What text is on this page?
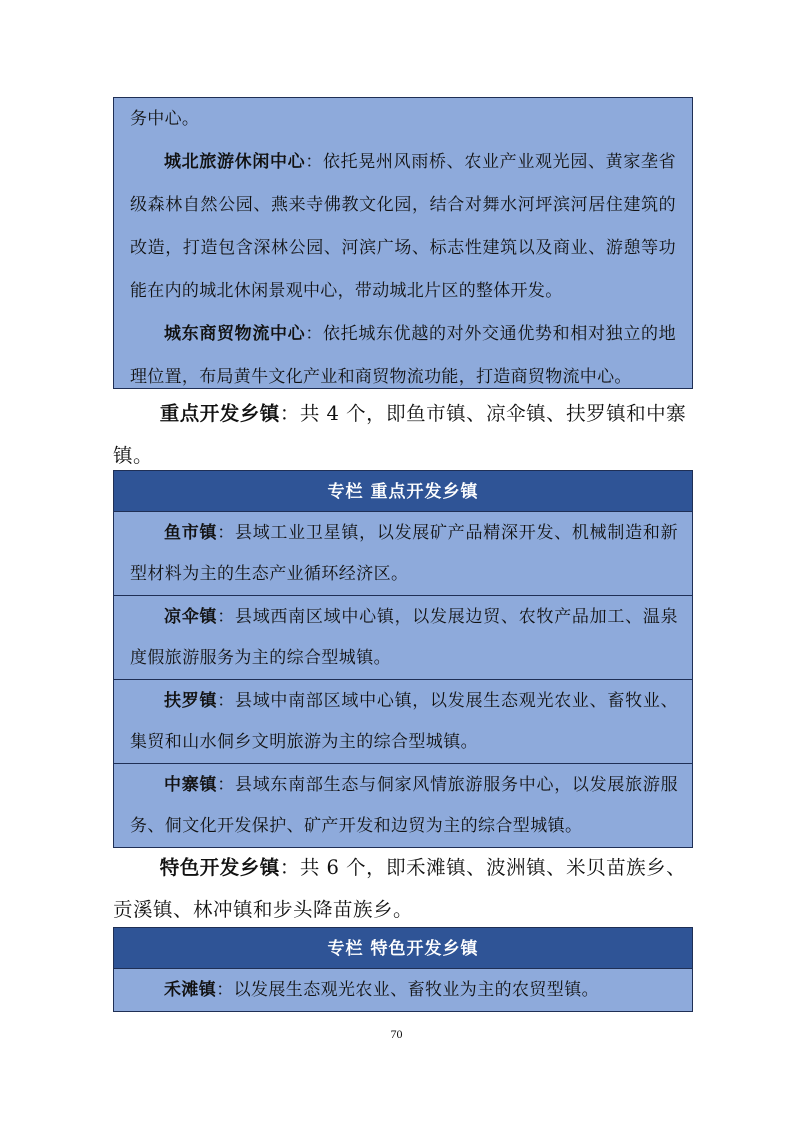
务中心。

城北旅游休闲中心：依托晃州风雨桥、农业产业观光园、黄家垄省级森林自然公园、燕来寺佛教文化园，结合对舞水河坪滨河居住建筑的改造，打造包含深林公园、河滨广场、标志性建筑以及商业、游憩等功能在内的城北休闲景观中心，带动城北片区的整体开发。

城东商贸物流中心：依托城东优越的对外交通优势和相对独立的地理位置，布局黄牛文化产业和商贸物流功能，打造商贸物流中心。

重点开发乡镇：共 4 个，即鱼市镇、凉伞镇、扶罗镇和中寨镇。

专栏 重点开发乡镇

鱼市镇：县域工业卫星镇，以发展矿产品精深开发、机械制造和新型材料为主的生态产业循环经济区。

凉伞镇：县域西南区域中心镇，以发展边贸、农牧产品加工、温泉度假旅游服务为主的综合型城镇。

扶罗镇：县域中南部区域中心镇，以发展生态观光农业、畜牧业、集贸和山水侗乡文明旅游为主的综合型城镇。

中寨镇：县域东南部生态与侗家风情旅游服务中心，以发展旅游服务、侗文化开发保护、矿产开发和边贸为主的综合型城镇。

特色开发乡镇：共 6 个，即禾滩镇、波洲镇、米贝苗族乡、贡溪镇、林冲镇和步头降苗族乡。

专栏 特色开发乡镇

禾滩镇：以发展生态观光农业、畜牧业为主的农贸型镇。

70
